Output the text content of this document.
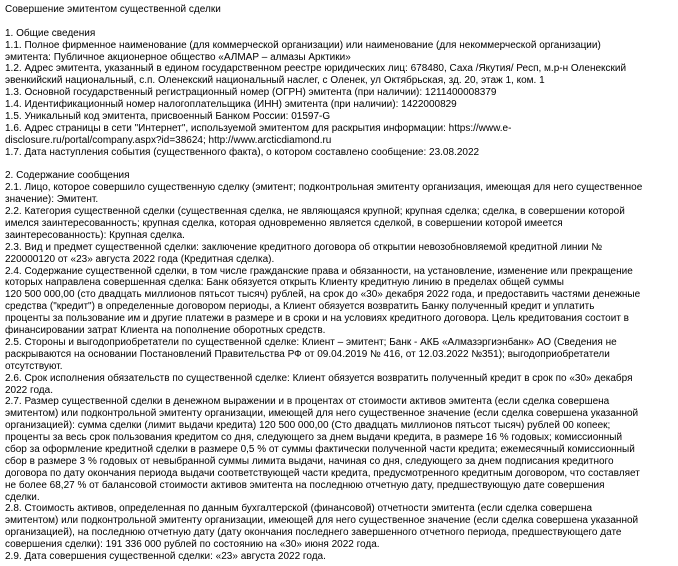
Совершение эмитентом существенной сделки
1. Общие сведения
1.1. Полное фирменное наименование (для коммерческой организации) или наименование (для некоммерческой организации)
эмитента: Публичное акционерное общество «АЛМАР – алмазы Арктики»
1.2. Адрес эмитента, указанный в едином государственном реестре юридических лиц: 678480, Саха /Якутия/ Респ, м.р-н Оленекский
эвенкийский национальный, с.п. Оленекский национальный наслег, с Оленек, ул Октябрьская, зд. 20, этаж 1, ком. 1
1.3. Основной государственный регистрационный номер (ОГРН) эмитента (при наличии): 1211400008379
1.4. Идентификационный номер налогоплательщика (ИНН) эмитента (при наличии): 1422000829
1.5. Уникальный код эмитента, присвоенный Банком России: 01597-G
1.6. Адрес страницы в сети "Интернет", используемой эмитентом для раскрытия информации: https://www.e-
disclosure.ru/portal/company.aspx?id=38624; http://www.arcticdiamond.ru
1.7. Дата наступления события (существенного факта), о котором составлено сообщение: 23.08.2022
2. Содержание сообщения
2.1. Лицо, которое совершило существенную сделку (эмитент; подконтрольная эмитенту организация, имеющая для него существенное
значение): Эмитент.
2.2. Категория существенной сделки (существенная сделка, не являющаяся крупной; крупная сделка; сделка, в совершении которой
имелся заинтересованность; крупная сделка, которая одновременно является сделкой, в совершении которой имеется
заинтересованность): Крупная сделка.
2.3. Вид и предмет существенной сделки: заключение кредитного договора об открытии невозобновляемой кредитной линии №
220000120 от «23» августа 2022 года (Кредитная сделка).
2.4. Содержание существенной сделки, в том числе гражданские права и обязанности, на установление, изменение или прекращение
которых направлена совершенная сделка: Банк обязуется открыть Клиенту кредитную линию в пределах общей суммы
120 500 000,00 (сто двадцать миллионов пятьсот тысяч) рублей, на срок до «30» декабря 2022 года, и предоставить частями денежные
средства ("кредит") в определенные договором периоды, а Клиент обязуется возвратить Банку полученный кредит и уплатить
проценты за пользование им и другие платежи в размере и в сроки и на условиях кредитного договора. Цель кредитования состоит в
финансировании затрат Клиента на пополнение оборотных средств.
2.5. Стороны и выгодоприобретатели по существенной сделке: Клиент – эмитент; Банк - АКБ «Алмазэргиэнбанк» АО (Сведения не
раскрываются на основании Постановлений Правительства РФ от 09.04.2019 № 416, от 12.03.2022 №351); выгодоприобретатели
отсутствуют.
2.6. Срок исполнения обязательств по существенной сделке: Клиент обязуется возвратить полученный кредит в срок по «30» декабря
2022 года.
2.7. Размер существенной сделки в денежном выражении и в процентах от стоимости активов эмитента (если сделка совершена
эмитентом) или подконтрольной эмитенту организации, имеющей для него существенное значение (если сделка совершена указанной
организацией): сумма сделки (лимит выдачи кредита) 120 500 000,00 (Сто двадцать миллионов пятьсот тысяч) рублей 00 копеек;
проценты за весь срок пользования кредитом со дня, следующего за днем выдачи кредита, в размере 16 % годовых; комиссионный
сбор за оформление кредитной сделки в размере 0,5 % от суммы фактически полученной части кредита; ежемесячный комиссионный
сбор в размере 3 % годовых от невыбранной суммы лимита выдачи, начиная со дня, следующего за днем подписания кредитного
договора по дату окончания периода выдачи соответствующей части кредита, предусмотренного кредитным договором, что составляет
не более 68,27 % от балансовой стоимости активов эмитента на последнюю отчетную дату, предшествующую дате совершения
сделки.
2.8. Стоимость активов, определенная по данным бухгалтерской (финансовой) отчетности эмитента (если сделка совершена
эмитентом) или подконтрольной эмитенту организации, имеющей для него существенное значение (если сделка совершена указанной
организацией), на последнюю отчетную дату (дату окончания последнего завершенного отчетного периода, предшествующего дате
совершения сделки): 191 336 000 рублей по состоянию на «30» июня 2022 года.
2.9. Дата совершения существенной сделки: «23» августа 2022 года.
